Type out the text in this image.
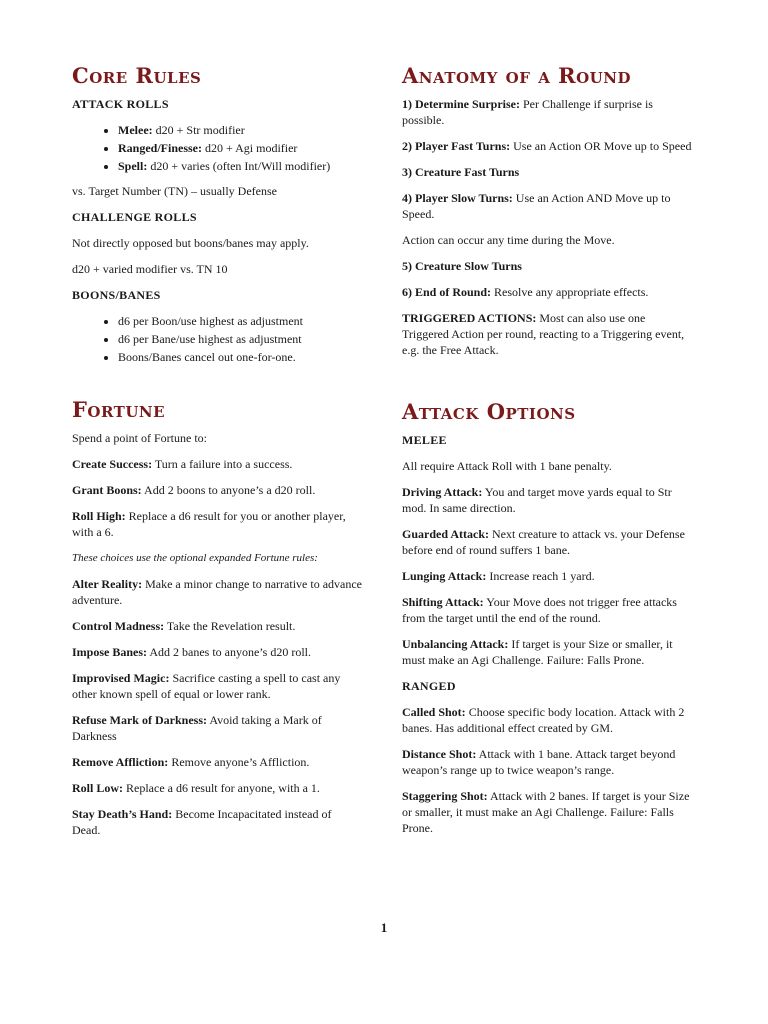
Core Rules
ATTACK ROLLS
• Melee: d20 + Str modifier
• Ranged/Finesse: d20 + Agi modifier
• Spell: d20 + varies (often Int/Will modifier)

vs. Target Number (TN) – usually Defense

CHALLENGE ROLLS

Not directly opposed but boons/banes may apply.

d20 + varied modifier vs. TN 10

BOONS/BANES
• d6 per Boon/use highest as adjustment
• d6 per Bane/use highest as adjustment
• Boons/Banes cancel out one-for-one.
Fortune

Spend a point of Fortune to:

Create Success: Turn a failure into a success.

Grant Boons: Add 2 boons to anyone’s a d20 roll.

Roll High: Replace a d6 result for you or another player, with a 6.

These choices use the optional expanded Fortune rules:

Alter Reality: Make a minor change to narrative to advance adventure.

Control Madness: Take the Revelation result.

Impose Banes: Add 2 banes to anyone’s d20 roll.

Improvised Magic: Sacrifice casting a spell to cast any other known spell of equal or lower rank.

Refuse Mark of Darkness: Avoid taking a Mark of Darkness

Remove Affliction: Remove anyone’s Affliction.

Roll Low: Replace a d6 result for anyone, with a 1.

Stay Death’s Hand: Become Incapacitated instead of Dead.

Anatomy of a Round

1) Determine Surprise: Per Challenge if surprise is possible.

2) Player Fast Turns: Use an Action OR Move up to Speed

3) Creature Fast Turns

4) Player Slow Turns: Use an Action AND Move up to Speed.

Action can occur any time during the Move.

5) Creature Slow Turns

6) End of Round: Resolve any appropriate effects.

TRIGGERED ACTIONS: Most can also use one Triggered Action per round, reacting to a Triggering event, e.g. the Free Attack.

Attack Options
MELEE

All require Attack Roll with 1 bane penalty.

Driving Attack: You and target move yards equal to Str mod. In same direction.

Guarded Attack: Next creature to attack vs. your Defense before end of round suffers 1 bane.

Lunging Attack: Increase reach 1 yard.

Shifting Attack: Your Move does not trigger free attacks from the target until the end of the round.

Unbalancing Attack: If target is your Size or smaller, it must make an Agi Challenge. Failure: Falls Prone.

RANGED

Called Shot: Choose specific body location. Attack with 2 banes. Has additional effect created by GM.

Distance Shot: Attack with 1 bane. Attack target beyond weapon’s range up to twice weapon’s range.

Staggering Shot: Attack with 2 banes. If target is your Size or smaller, it must make an Agi Challenge. Failure: Falls Prone.

1
